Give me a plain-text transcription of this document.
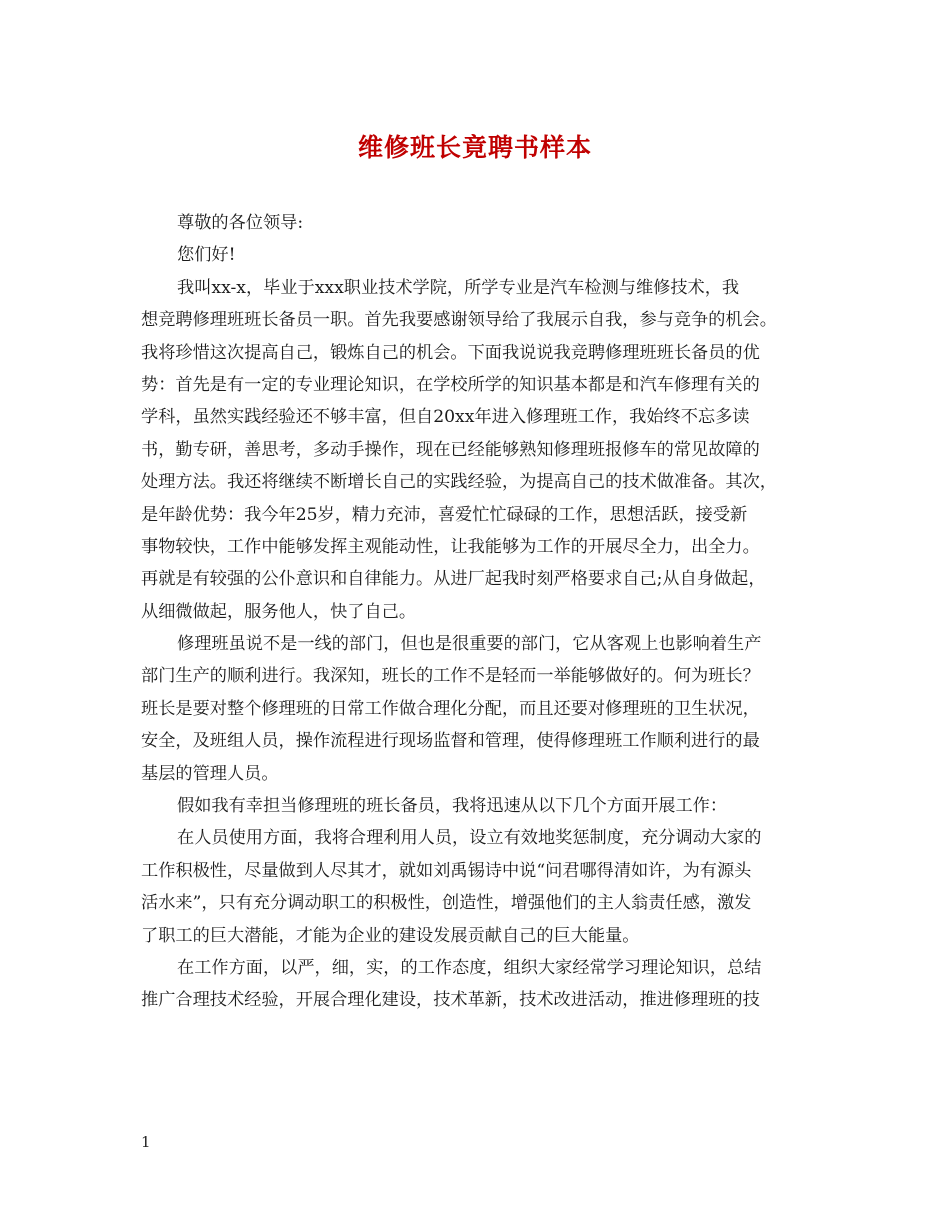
维修班长竟聘书样本
尊敬的各位领导:
您们好!
我叫xx-x，毕业于xxx职业技术学院，所学专业是汽车检测与维修技术，我
想竞聘修理班班长备员一职。首先我要感谢领导给了我展示自我，参与竞争的机会。
我将珍惜这次提高自己，锻炼自己的机会。下面我说说我竞聘修理班班长备员的优
势：首先是有一定的专业理论知识，在学校所学的知识基本都是和汽车修理有关的
学科，虽然实践经验还不够丰富，但自20xx年进入修理班工作，我始终不忘多读
书，勤专研，善思考，多动手操作，现在已经能够熟知修理班报修车的常见故障的
处理方法。我还将继续不断增长自己的实践经验，为提高自己的技术做准备。其次，
是年龄优势：我今年25岁，精力充沛，喜爱忙忙碌碌的工作，思想活跃，接受新
事物较快，工作中能够发挥主观能动性，让我能够为工作的开展尽全力，出全力。
再就是有较强的公仆意识和自律能力。从进厂起我时刻严格要求自己;从自身做起，
从细微做起，服务他人，快了自己。
修理班虽说不是一线的部门，但也是很重要的部门，它从客观上也影响着生产
部门生产的顺利进行。我深知，班长的工作不是轻而一举能够做好的。何为班长？
班长是要对整个修理班的日常工作做合理化分配，而且还要对修理班的卫生状况，
安全，及班组人员，操作流程进行现场监督和管理，使得修理班工作顺利进行的最
基层的管理人员。
假如我有幸担当修理班的班长备员，我将迅速从以下几个方面开展工作：
在人员使用方面，我将合理利用人员，设立有效地奖惩制度，充分调动大家的
工作积极性，尽量做到人尽其才，就如刘禹锡诗中说“问君哪得清如许，为有源头
活水来”，只有充分调动职工的积极性，创造性，增强他们的主人翁责任感，激发
了职工的巨大潜能，才能为企业的建设发展贡献自己的巨大能量。
在工作方面，以严，细，实，的工作态度，组织大家经常学习理论知识，总结
推广合理技术经验，开展合理化建设，技术革新，技术改进活动，推进修理班的技
1
